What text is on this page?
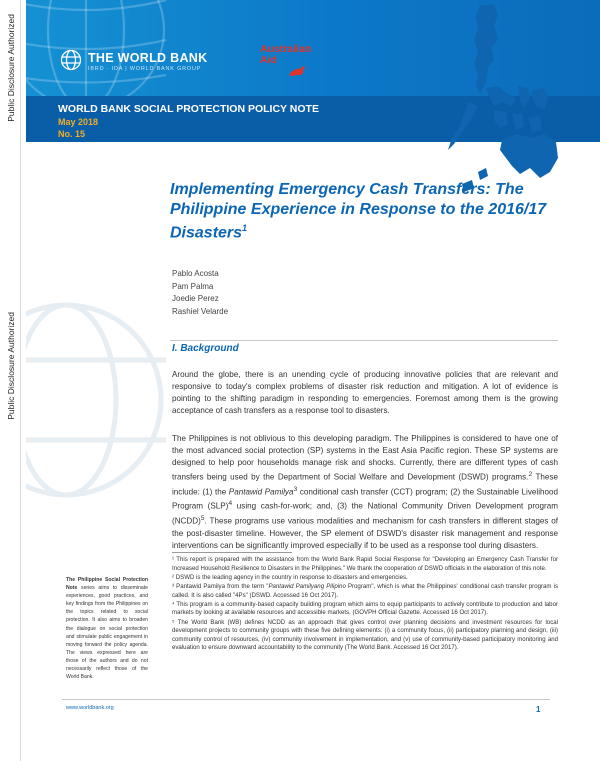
Public Disclosure Authorized
Public Disclosure Authorized
THE WORLD BANK
IBRD · IDA | WORLD BANK GROUP
Australian
Aid
WORLD BANK SOCIAL PROTECTION POLICY NOTE
May 2018
No. 15
Implementing Emergency Cash Transfers: The Philippine Experience in Response to the 2016/17 Disasters$^1$
Pablo Acosta
Pam Palma
Joedie Perez
Rashiel Velarde
I. Background
Around the globe, there is an unending cycle of producing innovative policies that are relevant and responsive to today's complex problems of disaster risk reduction and mitigation. A lot of evidence is pointing to the shifting paradigm in responding to emergencies. Foremost among them is the growing acceptance of cash transfers as a response tool to disasters.
The Philippines is not oblivious to this developing paradigm. The Philippines is considered to have one of the most advanced social protection (SP) systems in the East Asia Pacific region. These SP systems are designed to help poor households manage risk and shocks. Currently, there are different types of cash transfers being used by the Department of Social Welfare and Development (DSWD) programs.$^2$ These include: (1) the Pantawid Pamilya$^3$ conditional cash transfer (CCT) program; (2) the Sustainable Livelihood Program (SLP)$^4$ using cash-for-work; and, (3) the National Community Driven Development program (NCDD)$^5$. These programs use various modalities and mechanism for cash transfers in different stages of the post-disaster timeline. However, the SP element of DSWD's disaster risk management and response interventions can be significantly improved especially if to be used as a response tool during disasters.

¹ This report is prepared with the assistance from the World Bank Rapid Social Response for "Developing an Emergency Cash Transfer for Increased Household Resilience to Disasters in the Philippines." We thank the cooperation of DSWD officials in the elaboration of this note.

² DSWD is the leading agency in the country in response to disasters and emergencies.

³ Pantawid Pamilya from the term "Pantawid Pamilyang Pilipino Program", which is what the Philippines' conditional cash transfer program is called. It is also called "4Ps" (DSWD. Accessed 16 Oct 2017).

⁴ This program is a community-based capacity building program which aims to equip participants to actively contribute to production and labor markets by looking at available resources and accessible markets. (GOVPH Official Gazette. Accessed 16 Oct 2017).

⁵ The World Bank (WB) defines NCDD as an approach that gives control over planning decisions and investment resources for local development projects to community groups with these five defining elements: (i) a community focus, (ii) participatory planning and design, (iii) community control of resources, (iv) community involvement in implementation, and (v) use of community-based participatory monitoring and evaluation to ensure downward accountability to the community (The World Bank. Accessed 16 Oct 2017).

The Philippine Social Protection Note series aims to disseminate experiences, good practices, and key findings from the Philippines on the topics related to social protection. It also aims to broaden the dialogue on social protection and stimulate public engagement in moving forward the policy agenda. The views expressed here are those of the authors and do not necessarily reflect those of the World Bank.
www.worldbank.org	1
